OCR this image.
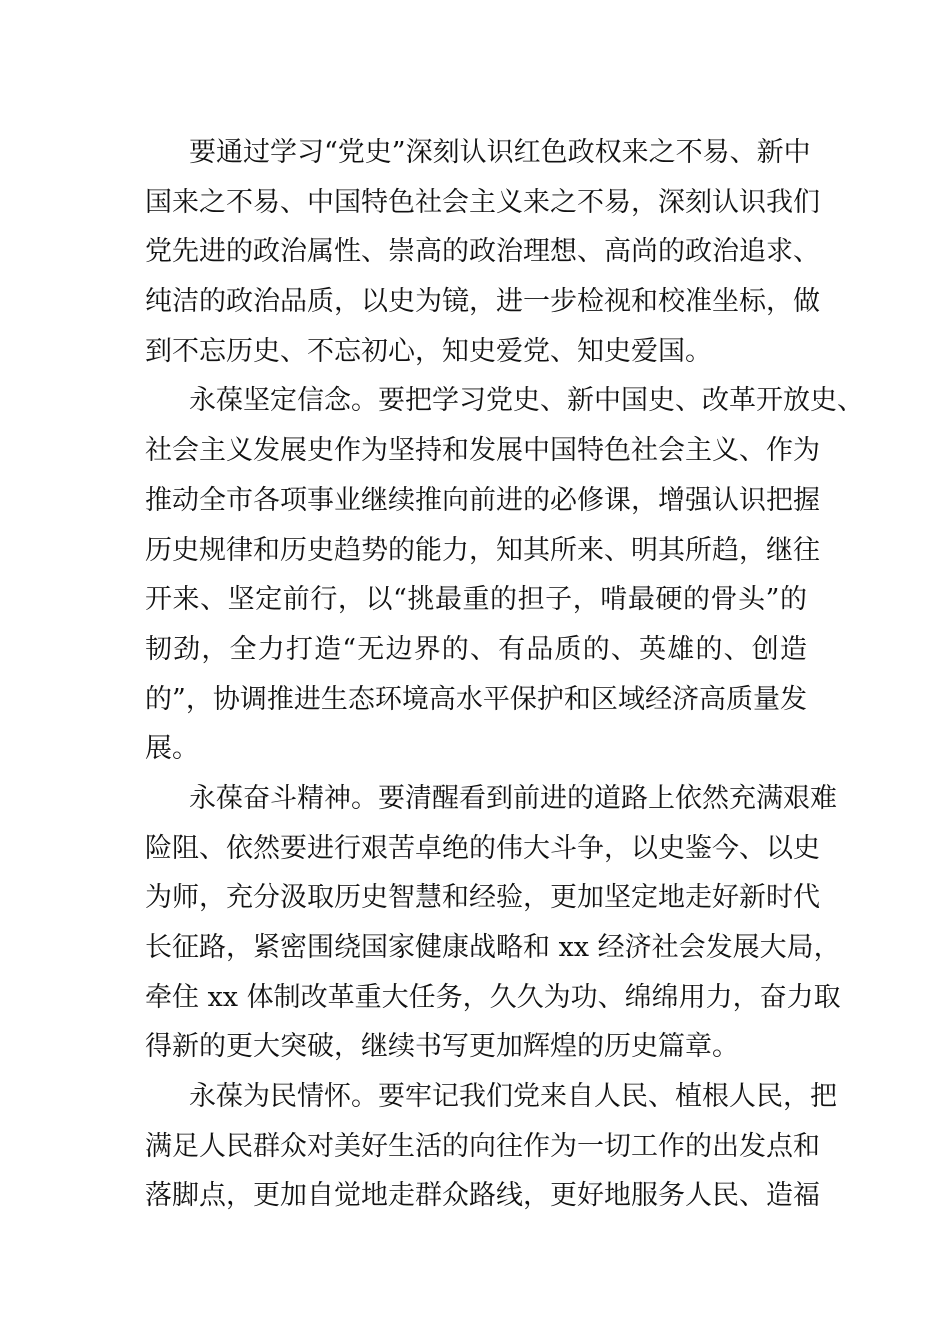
要通过学习“党史”深刻认识红色政权来之不易、新中
国来之不易、中国特色社会主义来之不易，深刻认识我们
党先进的政治属性、崇高的政治理想、高尚的政治追求、
纯洁的政治品质，以史为镜，进一步检视和校准坐标，做
到不忘历史、不忘初心，知史爱党、知史爱国。
永葆坚定信念。要把学习党史、新中国史、改革开放史、
社会主义发展史作为坚持和发展中国特色社会主义、作为
推动全市各项事业继续推向前进的必修课，增强认识把握
历史规律和历史趋势的能力，知其所来、明其所趋，继往
开来、坚定前行，以“挑最重的担子，啃最硬的骨头”的
韧劲，全力打造“无边界的、有品质的、英雄的、创造
的”，协调推进生态环境高水平保护和区域经济高质量发
展。
永葆奋斗精神。要清醒看到前进的道路上依然充满艰难
险阻、依然要进行艰苦卓绝的伟大斗争，以史鉴今、以史
为师，充分汲取历史智慧和经验，更加坚定地走好新时代
长征路，紧密围绕国家健康战略和 xx 经济社会发展大局，
牵住 xx 体制改革重大任务，久久为功、绵绵用力，奋力取
得新的更大突破，继续书写更加辉煌的历史篇章。
永葆为民情怀。要牢记我们党来自人民、植根人民，把
满足人民群众对美好生活的向往作为一切工作的出发点和
落脚点，更加自觉地走群众路线，更好地服务人民、造福
